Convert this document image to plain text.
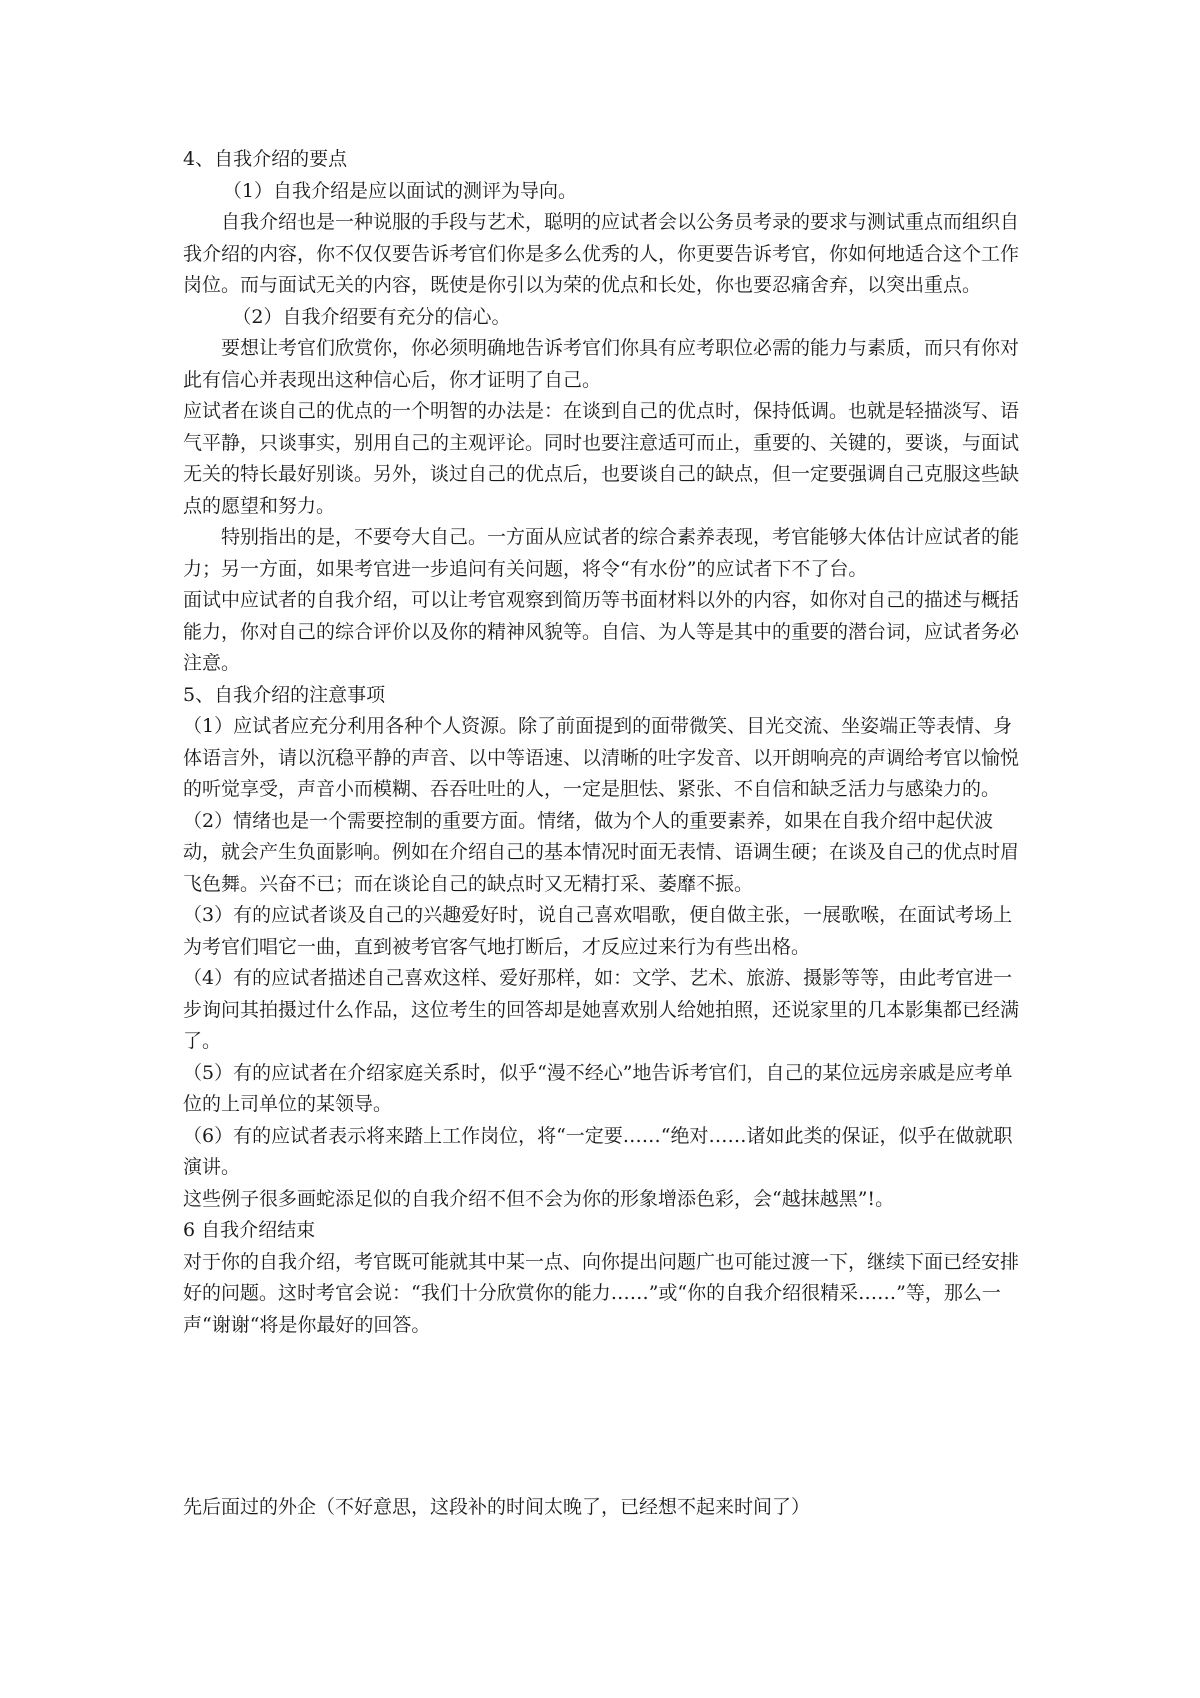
4、自我介绍的要点

（1）自我介绍是应以面试的测评为导向。

自我介绍也是一种说服的手段与艺术，聪明的应试者会以公务员考录的要求与测试重点而组织自我介绍的内容，你不仅仅要告诉考官们你是多么优秀的人，你更要告诉考官，你如何地适合这个工作岗位。而与面试无关的内容，既使是你引以为荣的优点和长处，你也要忍痛舍弃，以突出重点。

（2）自我介绍要有充分的信心。

要想让考官们欣赏你，你必须明确地告诉考官们你具有应考职位必需的能力与素质，而只有你对此有信心并表现出这种信心后，你才证明了自己。

应试者在谈自己的优点的一个明智的办法是：在谈到自己的优点时，保持低调。也就是轻描淡写、语气平静，只谈事实，别用自己的主观评论。同时也要注意适可而止，重要的、关键的，要谈，与面试无关的特长最好别谈。另外，谈过自己的优点后，也要谈自己的缺点，但一定要强调自己克服这些缺点的愿望和努力。

特别指出的是，不要夸大自己。一方面从应试者的综合素养表现，考官能够大体估计应试者的能力；另一方面，如果考官进一步追问有关问题，将令“有水份”的应试者下不了台。

面试中应试者的自我介绍，可以让考官观察到简历等书面材料以外的内容，如你对自己的描述与概括能力，你对自己的综合评价以及你的精神风貌等。自信、为人等是其中的重要的潜台词，应试者务必注意。

5、自我介绍的注意事项

（1）应试者应充分利用各种个人资源。除了前面提到的面带微笑、目光交流、坐姿端正等表情、身体语言外，请以沉稳平静的声音、以中等语速、以清晰的吐字发音、以开朗响亮的声调给考官以愉悦的听觉享受，声音小而模糊、吞吞吐吐的人，一定是胆怯、紧张、不自信和缺乏活力与感染力的。

（2）情绪也是一个需要控制的重要方面。情绪，做为个人的重要素养，如果在自我介绍中起伏波动，就会产生负面影响。例如在介绍自己的基本情况时面无表情、语调生硬；在谈及自己的优点时眉飞色舞。兴奋不已；而在谈论自己的缺点时又无精打采、萎靡不振。

（3）有的应试者谈及自己的兴趣爱好时，说自己喜欢唱歌，便自做主张，一展歌喉，在面试考场上为考官们唱它一曲，直到被考官客气地打断后，才反应过来行为有些出格。

（4）有的应试者描述自己喜欢这样、爱好那样，如：文学、艺术、旅游、摄影等等，由此考官进一步询问其拍摄过什么作品，这位考生的回答却是她喜欢别人给她拍照，还说家里的几本影集都已经满了。

（5）有的应试者在介绍家庭关系时，似乎“漫不经心”地告诉考官们，自己的某位远房亲戚是应考单位的上司单位的某领导。

（6）有的应试者表示将来踏上工作岗位，将“一定要……“绝对……诸如此类的保证，似乎在做就职演讲。

这些例子很多画蛇添足似的自我介绍不但不会为你的形象增添色彩，会“越抹越黑”!。

6 自我介绍结束

对于你的自我介绍，考官既可能就其中某一点、向你提出问题广也可能过渡一下，继续下面已经安排好的问题。这时考官会说：“我们十分欣赏你的能力……”或“你的自我介绍很精采……”等，那么一声“谢谢“将是你最好的回答。

先后面过的外企（不好意思，这段补的时间太晚了，已经想不起来时间了）
